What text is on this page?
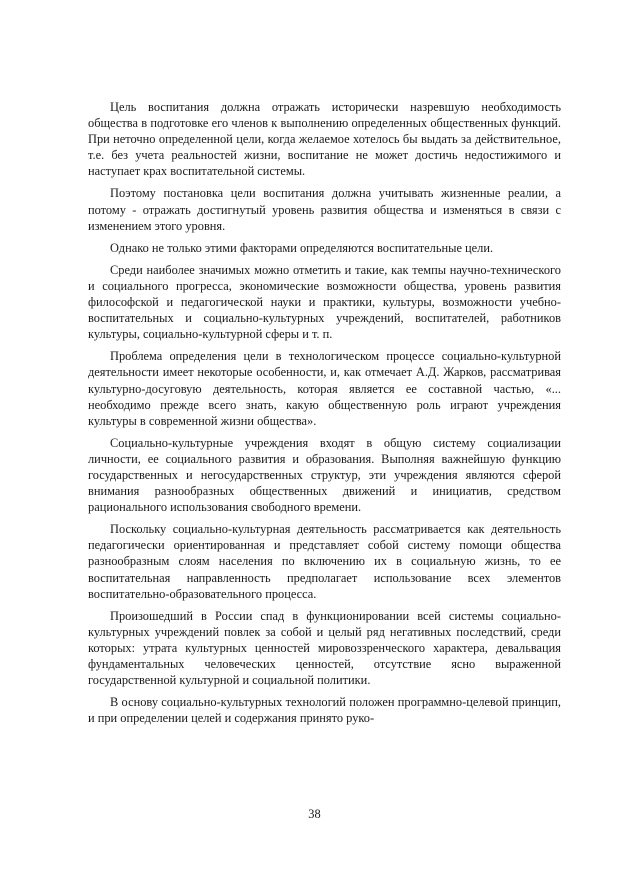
Цель воспитания должна отражать исторически назревшую необходимость общества в подготовке его членов к выполнению определенных общественных функций. При неточно определенной цели, когда желаемое хотелось бы выдать за действительное, т.е. без учета реальностей жизни, воспитание не может достичь недостижимого и наступает крах воспитательной системы.

Поэтому постановка цели воспитания должна учитывать жизненные реалии, а потому - отражать достигнутый уровень развития общества и изменяться в связи с изменением этого уровня.

Однако не только этими факторами определяются воспитательные цели.

Среди наиболее значимых можно отметить и такие, как темпы научно-технического и социального прогресса, экономические возможности общества, уровень развития философской и педагогической науки и практики, культуры, возможности учебно-воспитательных и социально-культурных учреждений, воспитателей, работников культуры, социально-культурной сферы и т. п.

Проблема определения цели в технологическом процессе социально-культурной деятельности имеет некоторые особенности, и, как отмечает А.Д. Жарков, рассматривая культурно-досуговую деятельность, которая является ее составной частью, «... необходимо прежде всего знать, какую общественную роль играют учреждения культуры в современной жизни общества».

Социально-культурные учреждения входят в общую систему социализации личности, ее социального развития и образования. Выполняя важнейшую функцию государственных и негосударственных структур, эти учреждения являются сферой внимания разнообразных общественных движений и инициатив, средством рационального использования свободного времени.

Поскольку социально-культурная деятельность рассматривается как деятельность педагогически ориентированная и представляет собой систему помощи общества разнообразным слоям населения по включению их в социальную жизнь, то ее воспитательная направленность предполагает использование всех элементов воспитательно-образовательного процесса.

Произошедший в России спад в функционировании всей системы социально-культурных учреждений повлек за собой и целый ряд негативных последствий, среди которых: утрата культурных ценностей мировоззренческого характера, девальвация фундаментальных человеческих ценностей, отсутствие ясно выраженной государственной культурной и социальной политики.

В основу социально-культурных технологий положен программно-целевой принцип, и при определении целей и содержания принято руко-

38
